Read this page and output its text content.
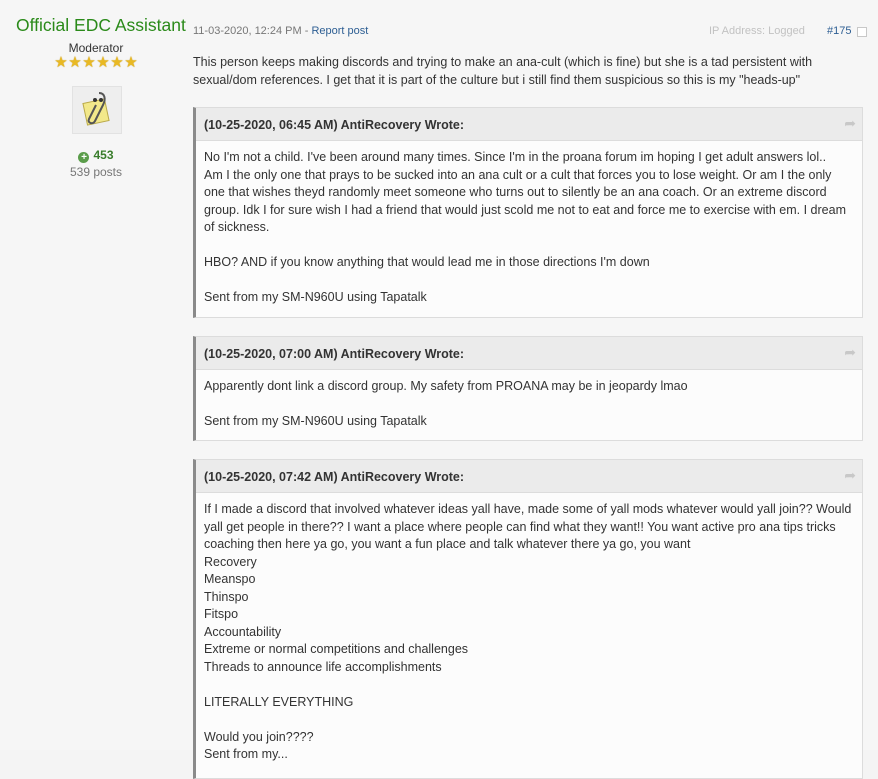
Official EDC Assistant
Moderator
★ ★ ★ ★ ★ ★
+ 453
539 posts
11-03-2020, 12:24 PM - Report post	IP Address: Logged #175
This person keeps making discords and trying to make an ana-cult (which is fine) but she is a tad persistent with sexual/dom references. I get that it is part of the culture but i still find them suspicious so this is my "heads-up"
(10-25-2020, 06:45 AM) AntiRecovery Wrote:	➦

No I'm not a child. I've been around many times. Since I'm in the proana forum im hoping I get adult answers lol..

Am I the only one that prays to be sucked into an ana cult or a cult that forces you to lose weight. Or am I the only one that wishes theyd randomly meet someone who turns out to silently be an ana coach. Or an extreme discord group. Idk I for sure wish I had a friend that would just scold me not to eat and force me to exercise with em. I dream of sickness.

HBO? AND if you know anything that would lead me in those directions I'm down

Sent from my SM-N960U using Tapatalk

(10-25-2020, 07:00 AM) AntiRecovery Wrote:	➦

Apparently dont link a discord group. My safety from PROANA may be in jeopardy lmao

Sent from my SM-N960U using Tapatalk

(10-25-2020, 07:42 AM) AntiRecovery Wrote:	➦

If I made a discord that involved whatever ideas yall have, made some of yall mods whatever would yall join?? Would yall get people in there?? I want a place where people can find what they want!! You want active pro ana tips tricks coaching then here ya go, you want a fun place and talk whatever there ya go, you want

Recovery

Meanspo

Thinspo

Fitspo

Accountability

Extreme or normal competitions and challenges

Threads to announce life accomplishments

LITERALLY EVERYTHING

Would you join????

Sent from my...
